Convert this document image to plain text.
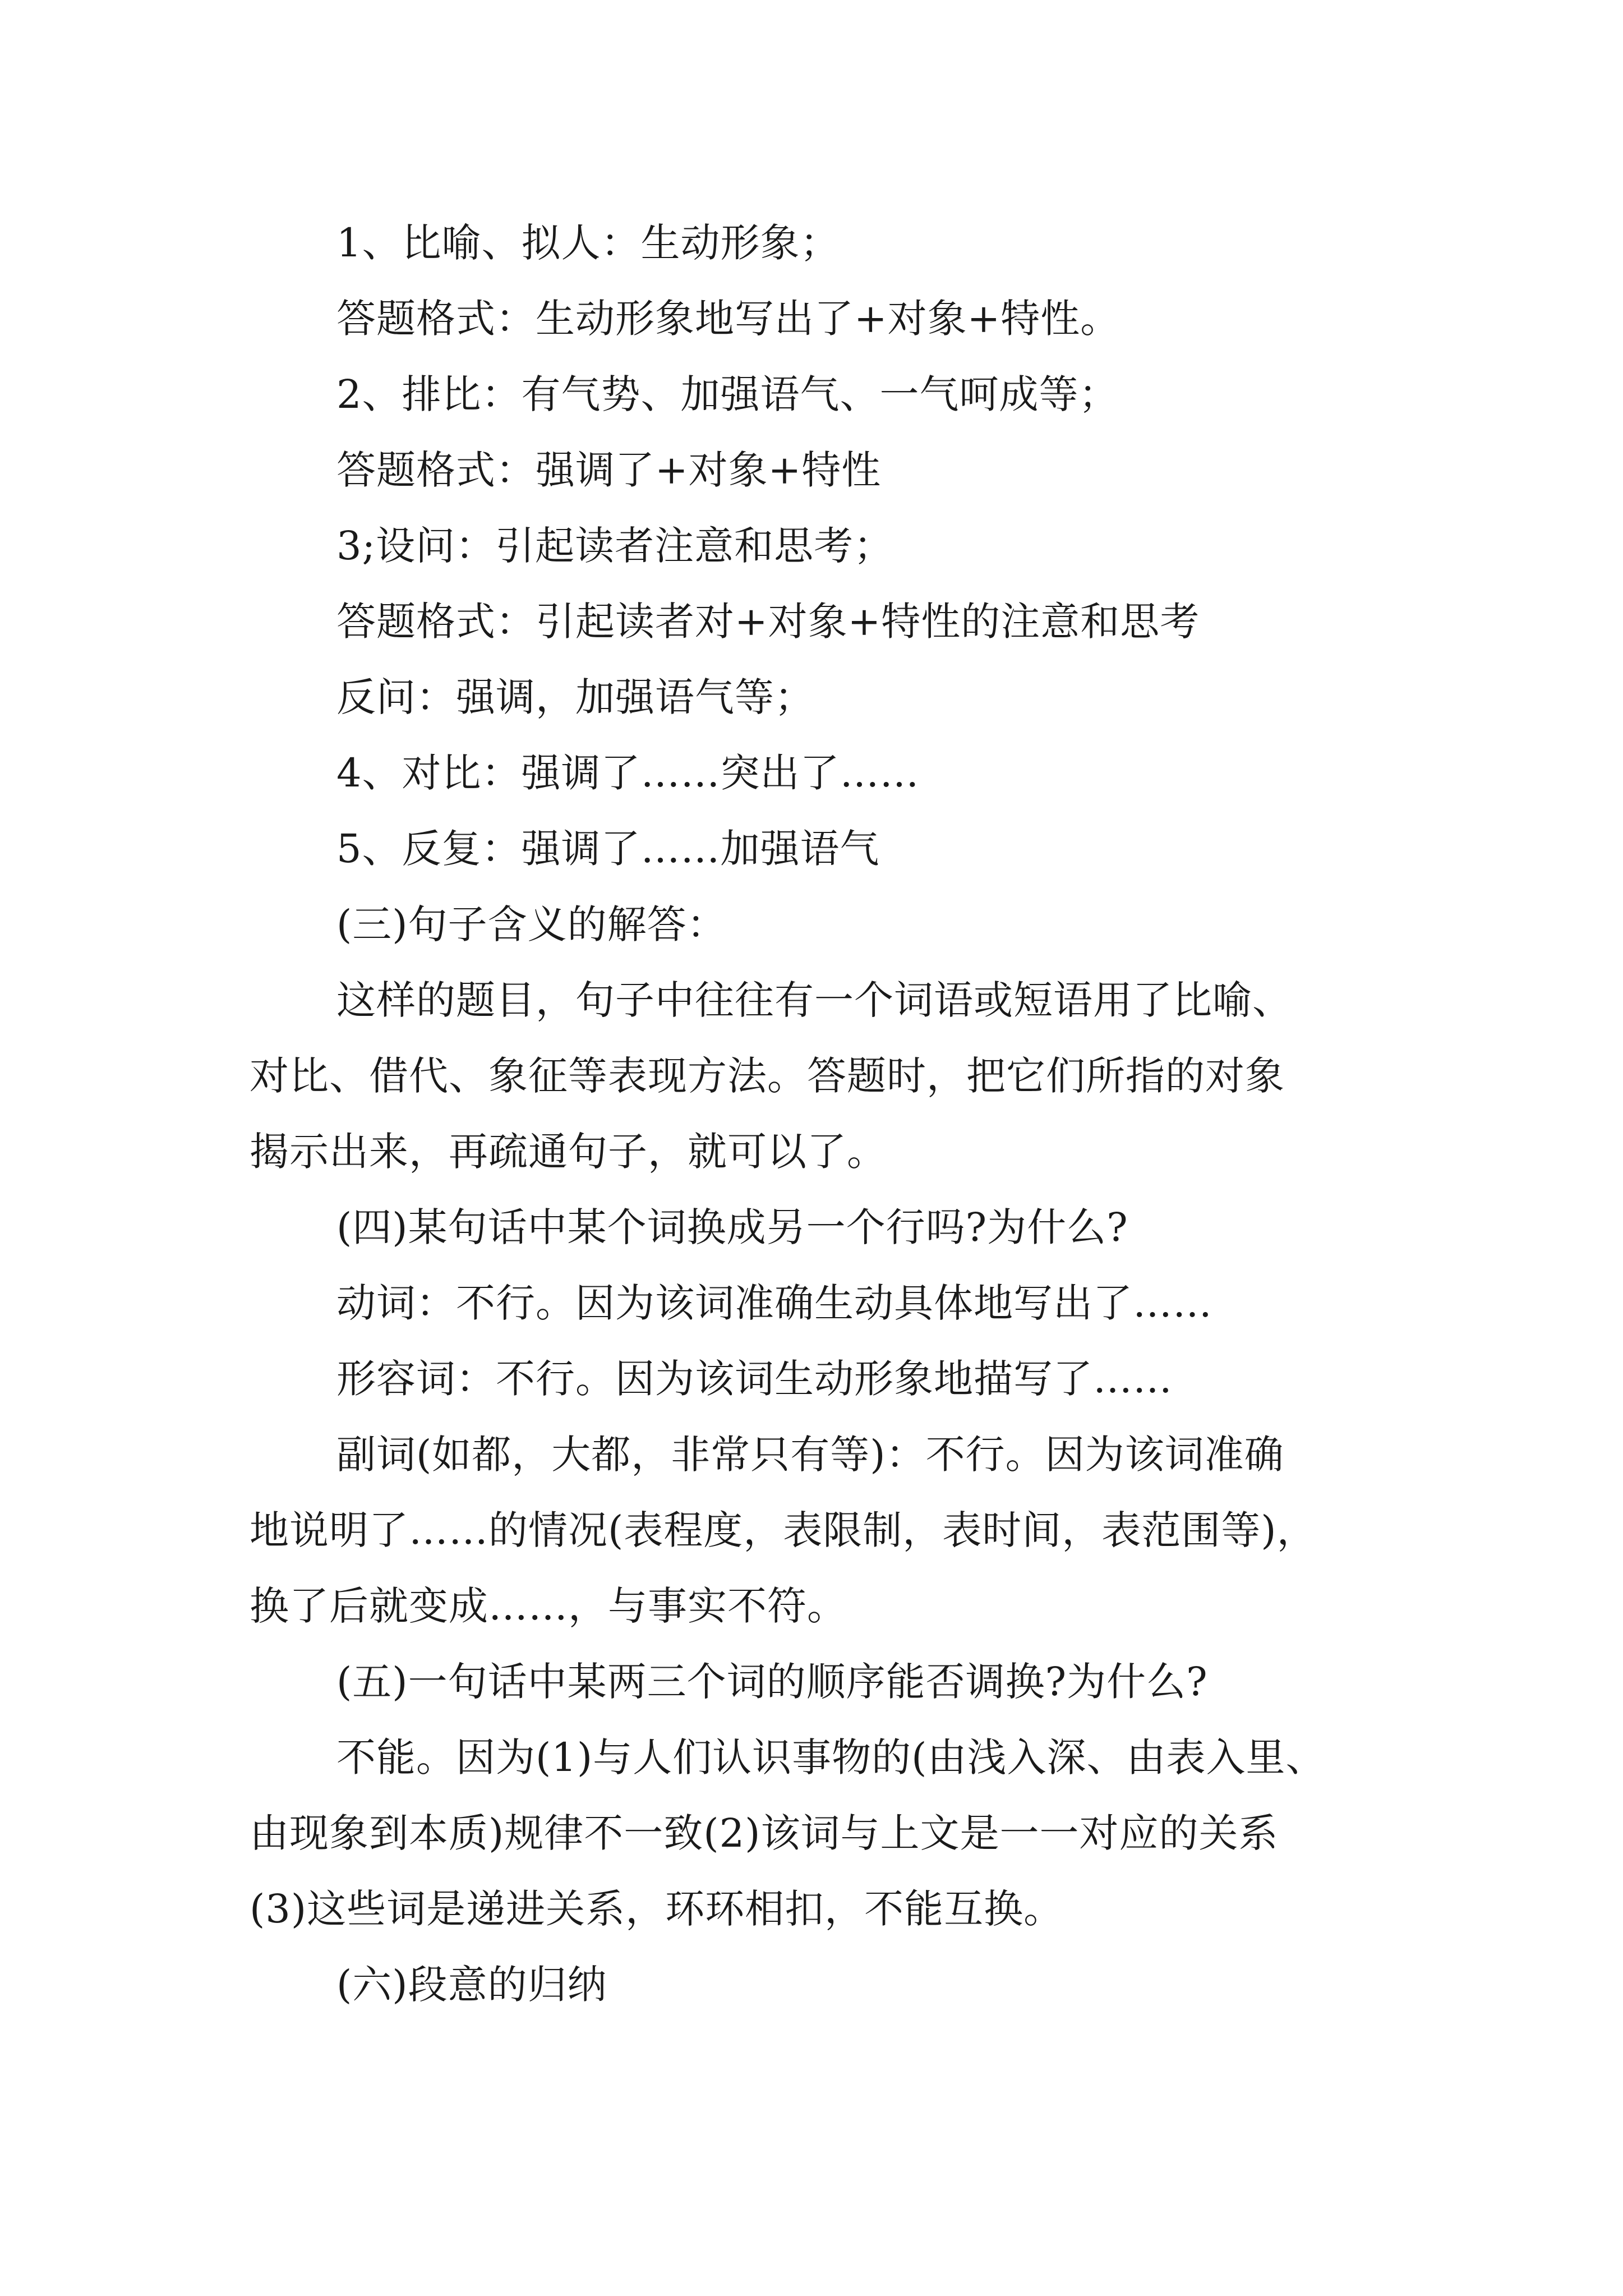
1、比喻、拟人：生动形象；
答题格式：生动形象地写出了+对象+特性。
2、排比：有气势、加强语气、一气呵成等；
答题格式：强调了+对象+特性
3;设问：引起读者注意和思考；
答题格式：引起读者对+对象+特性的注意和思考
反问：强调，加强语气等；
4、对比：强调了……突出了……
5、反复：强调了……加强语气
(三)句子含义的解答：
这样的题目，句子中往往有一个词语或短语用了比喻、
对比、借代、象征等表现方法。答题时，把它们所指的对象
揭示出来，再疏通句子，就可以了。
(四)某句话中某个词换成另一个行吗?为什么?
动词：不行。因为该词准确生动具体地写出了……
形容词：不行。因为该词生动形象地描写了……
副词(如都，大都，非常只有等)：不行。因为该词准确
地说明了……的情况(表程度，表限制，表时间，表范围等)，
换了后就变成……，与事实不符。
(五)一句话中某两三个词的顺序能否调换?为什么?
不能。因为(1)与人们认识事物的(由浅入深、由表入里、
由现象到本质)规律不一致(2)该词与上文是一一对应的关系
(3)这些词是递进关系，环环相扣，不能互换。
(六)段意的归纳
